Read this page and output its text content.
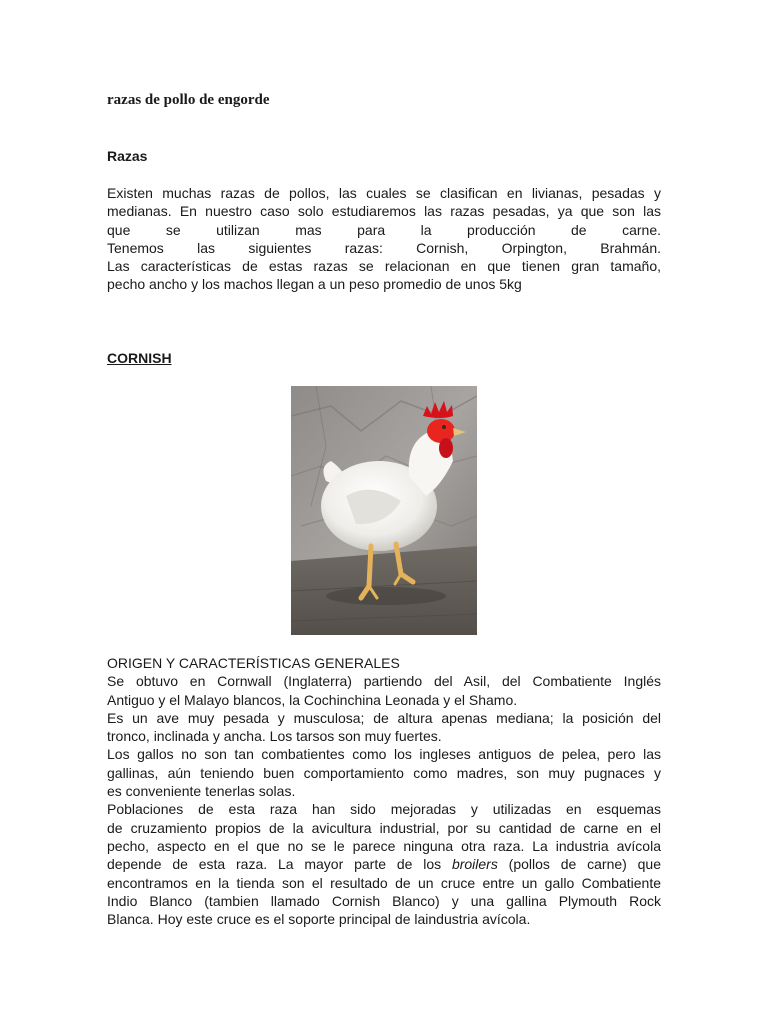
razas de pollo de engorde
Razas
Existen muchas razas de pollos, las cuales se clasifican en livianas, pesadas y
medianas. En nuestro caso solo estudiaremos las razas pesadas, ya que son las
que se utilizan mas para la producción de carne.
Tenemos las siguientes razas: Cornish, Orpington, Brahmán.
Las características de estas razas se relacionan en que tienen gran tamaño,
pecho ancho y los machos llegan a un peso promedio de unos 5kg
CORNISH
ORIGEN Y CARACTERÍSTICAS GENERALES
Se obtuvo en Cornwall (Inglaterra) partiendo del Asil, del Combatiente Inglés
Antiguo y el Malayo blancos, la Cochinchina Leonada y el Shamo.
Es un ave muy pesada y musculosa; de altura apenas mediana; la posición del
tronco, inclinada y ancha. Los tarsos son muy fuertes.
Los gallos no son tan combatientes como los ingleses antiguos de pelea, pero las
gallinas, aún teniendo buen comportamiento como madres, son muy pugnaces y
es conveniente tenerlas solas.
Poblaciones de esta raza han sido mejoradas y utilizadas en esquemas
de cruzamiento propios de la avicultura industrial, por su cantidad de carne en el
pecho, aspecto en el que no se le parece ninguna otra raza. La industria avícola
depende de esta raza. La mayor parte de los broilers (pollos de carne) que
encontramos en la tienda son el resultado de un cruce entre un gallo Combatiente
Indio Blanco (tambien llamado Cornish Blanco) y una gallina Plymouth Rock
Blanca. Hoy este cruce es el soporte principal de laindustria avícola.
